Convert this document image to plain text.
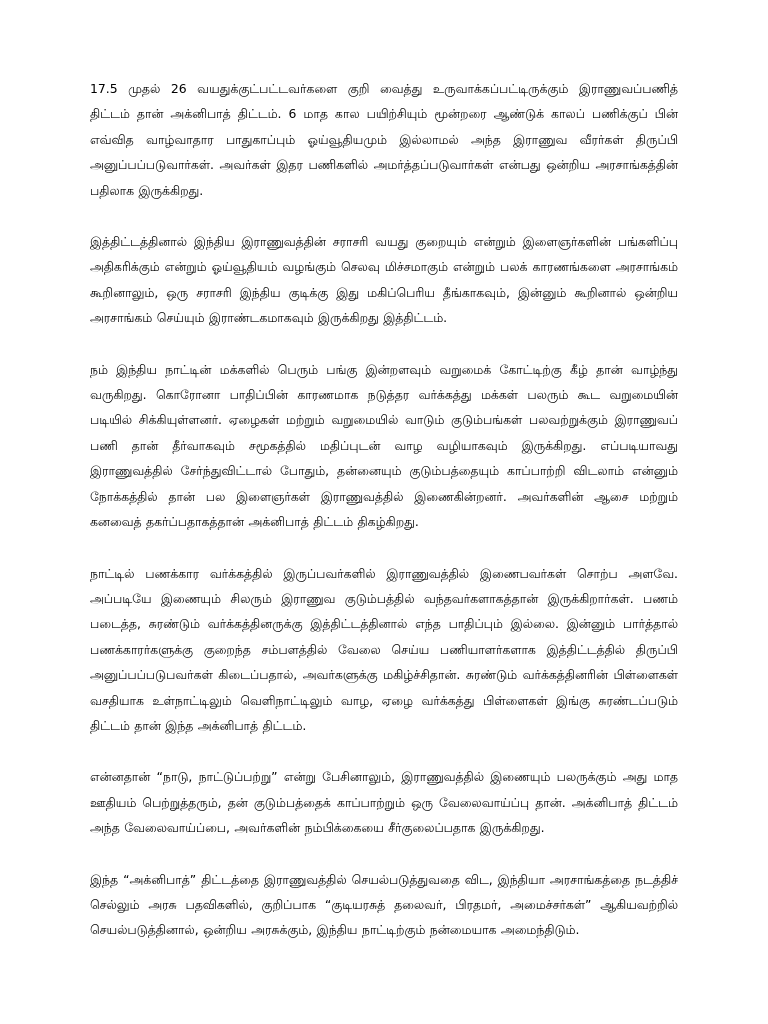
17.5 முதல் 26 வயதுக்குட்பட்டவர்களை குறி வைத்து உருவாக்கப்பட்டிருக்கும் இராணுவப்பணித் திட்டம் தான் அக்னிபாத் திட்டம். 6 மாத கால பயிற்சியும் மூன்றரை ஆண்டுக் காலப் பணிக்குப் பின் எவ்வித வாழ்வாதார பாதுகாப்பும் ஓய்வூதியமும் இல்லாமல் அந்த இராணுவ வீரர்கள் திருப்பி அனுப்பப்படுவார்கள். அவர்கள் இதர பணிகளில் அமர்த்தப்படுவார்கள் என்பது ஒன்றிய அரசாங்கத்தின் பதிலாக இருக்கிறது.

இத்திட்டத்தினால் இந்திய இராணுவத்தின் சராசரி வயது குறையும் என்றும் இளைஞர்களின் பங்களிப்பு அதிகரிக்கும் என்றும் ஓய்வூதியம் வழங்கும் செலவு மிச்சமாகும் என்றும் பலக் காரணங்களை அரசாங்கம் கூறினாலும், ஒரு சராசரி இந்திய குடிக்கு இது மகிப்பெரிய தீங்காகவும், இன்னும் கூறினால் ஒன்றிய அரசாங்கம் செய்யும் இராண்டகமாகவும் இருக்கிறது இத்திட்டம்.

நம் இந்திய நாட்டின் மக்களில் பெரும் பங்கு இன்றளவும் வறுமைக் கோட்டிற்கு கீழ் தான் வாழ்ந்து வருகிறது. கொரோனா பாதிப்பின் காரணமாக நடுத்தர வர்க்கத்து மக்கள் பலரும் கூட வறுமையின் படியில் சிக்கியுள்ளனர். ஏழைகள் மற்றும் வறுமையில் வாடும் குடும்பங்கள் பலவற்றுக்கும் இராணுவப் பணி தான் தீர்வாகவும் சமூகத்தில் மதிப்புடன் வாழ வழியாகவும் இருக்கிறது. எப்படியாவது இராணுவத்தில் சேர்ந்துவிட்டால் போதும், தன்னையும் குடும்பத்தையும் காப்பாற்றி விடலாம் என்னும் நோக்கத்தில் தான் பல இளைஞர்கள் இராணுவத்தில் இணைகின்றனர். அவர்களின் ஆசை மற்றும் கனவைத் தகர்ப்பதாகத்தான் அக்னிபாத் திட்டம் திகழ்கிறது.

நாட்டில் பணக்கார வர்க்கத்தில் இருப்பவர்களில் இராணுவத்தில் இணைபவர்கள் சொற்ப அளவே. அப்படியே இணையும் சிலரும் இராணுவ குடும்பத்தில் வந்தவர்களாகத்தான் இருக்கிறார்கள். பணம் படைத்த, சுரண்டும் வர்க்கத்தினருக்கு இத்திட்டத்தினால் எந்த பாதிப்பும் இல்லை. இன்னும் பார்த்தால் பணக்காரர்களுக்கு குறைந்த சம்பளத்தில் வேலை செய்ய பணியாளர்களாக இத்திட்டத்தில் திருப்பி அனுப்பப்படுபவர்கள் கிடைப்பதால், அவர்களுக்கு மகிழ்ச்சிதான். சுரண்டும் வர்க்கத்தினரின் பிள்ளைகள் வசதியாக உள்நாட்டிலும் வெளிநாட்டிலும் வாழ, ஏழை வர்க்கத்து பிள்ளைகள் இங்கு சுரண்டப்படும் திட்டம் தான் இந்த அக்னிபாத் திட்டம்.

என்னதான் “நாடு, நாட்டுப்பற்று” என்று பேசினாலும், இராணுவத்தில் இணையும் பலருக்கும் அது மாத ஊதியம் பெற்றுத்தரும், தன் குடும்பத்தைக் காப்பாற்றும் ஒரு வேலைவாய்ப்பு தான். அக்னிபாத் திட்டம் அந்த வேலைவாய்ப்பை, அவர்களின் நம்பிக்கையை சீர்குலைப்பதாக இருக்கிறது.

இந்த “அக்னிபாத்” திட்டத்தை இராணுவத்தில் செயல்படுத்துவதை விட, இந்தியா அரசாங்கத்தை நடத்திச் செல்லும் அரசு பதவிகளில், குறிப்பாக “குடியரசுத் தலைவர், பிரதமர், அமைச்சர்கள்” ஆகியவற்றில் செயல்படுத்தினால், ஒன்றிய அரசுக்கும், இந்திய நாட்டிற்கும் நன்மையாக அமைந்திடும்.
